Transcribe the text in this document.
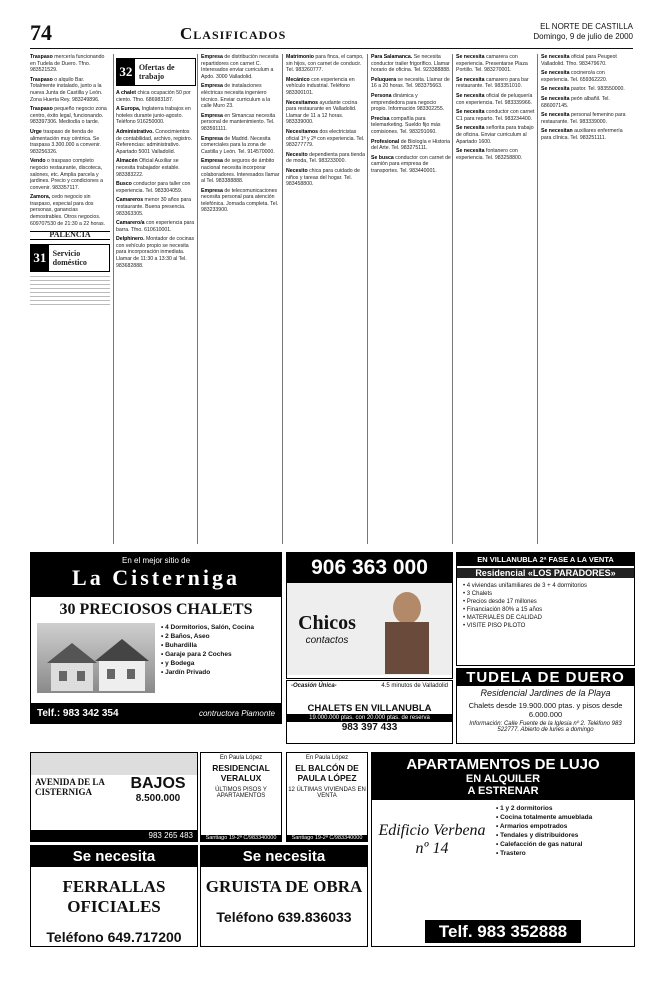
74	Clasificados	EL NORTE DE CASTILLA
Domingo, 9 de julio de 2000

Traspaso mercería funcionando en Tudela de Duero. Tfno. 983521529.

Traspaso o alquilo Bar. Totalmente instalado, junto a la nueva Junta de Castilla y León. Zona Huerta Rey. 983249896.

Traspaso pequeño negocio zona centro, éxito legal, funcionando. 983397306. Mediodía o tarde.

Urge traspaso de tienda de alimentación muy céntrica. Se traspasa 3.300.000 a convenir. 983256326.

Vendo o traspaso completo negocio restaurante, discoteca, salones, etc. Amplia parcela y jardines. Precio y condiciones a convenir. 983357117.

Zamora, cedo negocio sin traspaso, especial para dos personas, ganancias demostrables. Otros negocios. 609707530 de 21:30 a 22 horas.

PALENCIA
31 Servicio doméstico
32 Ofertas de trabajo

A chalet chica ocupación 50 por ciento. Tfno. 686983187.

A Europa, Inglaterra trabajos en hoteles durante junio-agosto. Teléfono 916250000.

Administrativo. Conocimientos de contabilidad, archivo, registro. Referencias: administrativo. Apartado 5001 Valladolid.

Almacén Oficial Auxiliar se necesita trabajador estable. 983383222.

Busco conductor para taller con experiencia. Tel. 983304059.

Camareros menor 30 años para restaurante. Buena presencia. 983363305.

Camarero/a con experiencia para barra. Tfno. 610610001.

Delphinero. Montador de cocinas con vehículo propio se necesita para incorporación inmediata. Llamar de 11:30 a 13:30 al Tel. 983682888.

Empresa de distribución necesita repartidores con carnet C. Interesados enviar curriculum a Apdo. 3000 Valladolid.

Empresa de instalaciones eléctricas necesita ingeniero técnico. Enviar curriculum a la calle Muro 23.

Empresa en Simancas necesita personal de mantenimiento. Tel. 983591111.

Empresa de Madrid. Necesita comerciales para la zona de Castilla y León. Tel. 914570000.

Empresa de seguros de ámbito nacional necesita incorporar colaboradores. Interesados llamar al Tel. 983388888.

Empresa de telecomunicaciones necesita personal para atención telefónica. Jornada completa. Tel. 983233900.

Matrimonio para finca, el campo, sin hijos, con carnet de conducir. Tel. 983260777.

Mecánico con experiencia en vehículo industrial. Teléfono 983300101.

Necesitamos ayudante cocina para restaurante en Valladolid. Llamar de 11 a 12 horas. 983339000.

Necesitamos dos electricistas oficial 1ª y 2ª con experiencia. Tel. 983277779.

Necesito dependienta para tienda de moda, Tel. 983233000.

Necesito chica para cuidado de niños y tareas del hogar. Tel. 983458800.

Para Salamanca. Se necesita conductor trailer frigorífico. Llamar horario de oficina. Tel. 923388888.

Peluquera se necesita. Llamar de 16 a 20 horas. Tel. 983375663.

Persona dinámica y emprendedora para negocio propio. Información 983302255.

Precisa compañía para telemarketing. Sueldo fijo más comisiones. Tel. 983291060.

Profesional de Biología e Historia del Arte. Tel. 983275111.

Se busca conductor con carnet de camión para empresa de transportes. Tel. 983440001.

Se necesita camarera con experiencia. Presentarse Plaza Portillo. Tel. 983270001.

Se necesita camarero para bar restaurante. Tel. 983351010.

Se necesita oficial de peluquería con experiencia. Tel. 983339966.

Se necesita conductor con carnet C1 para reparto. Tel. 983234400.

Se necesita señorita para trabajo de oficina. Enviar curriculum al Apartado 1600.

Se necesita fontanero con experiencia. Tel. 983258800.

Se necesita oficial para Peugeot Valladolid. Tfno. 983479670.

Se necesita cocinero/a con experiencia. Tel. 659362220.

Se necesita pastor. Tel. 983550000.

Se necesita peón albañil. Tel. 686007145.

Se necesita personal femenino para restaurante. Tel. 983339000.

Se necesitan auxiliares enfermería para clínica. Tel. 983251111.

En el mejor sitio de
La Cisterniga
30 PRECIOSOS CHALETS
• 4 Dormitorios, Salón, Cocina
• 2 Baños, Aseo
• Buhardilla
• Garaje para 2 Coches
• y Bodega
• Jardín Privado
Telf.: 983 342 354	contructora Piamonte
906 363 000
Chicos
contactos
-Ocasión Única-	4.5 minutos de Valladolid
CHALETS EN VILLANUBLA
19.000.000 ptas. con 20.000 ptas. de reserva
983 397 433
EN VILLANUBLA 2ª FASE A LA VENTA
Residencial «LOS PARADORES»
• 4 viviendas unifamiliares de 3 + 4 dormitorios
• 3 Chalets
• Precios desde 17 millones
• Financiación 80% a 15 años
• MATERIALES DE CALIDAD
• VISITE PISO PILOTO
TUDELA DE DUERO
Residencial Jardines de la Playa
Chalets desde 19.900.000 ptas. y pisos desde 6.000.000
Información: Calle Fuente de la Iglesia nº 2. Teléfono 983 522777. Abierto de lunes a domingo
AVENIDA DE LA CISTERNIGA	BAJOS
8.500.000
983 265 483
En Paula López
RESIDENCIAL VERALUX
ÚLTIMOS PISOS Y APARTAMENTOS
Santiago 19-2ª C/983340000
En Paula López
EL BALCÓN DE PAULA LÓPEZ
12 ÚLTIMAS VIVIENDAS EN VENTA
Santiago 19-2ª C/983340000
Se necesita
FERRALLAS OFICIALES
Teléfono 649.717200
Se necesita
GRUISTA DE OBRA
Teléfono 639.836033
APARTAMENTOS DE LUJO
EN ALQUILER
A ESTRENAR
Edificio Verbena nº 14
• 1 y 2 dormitorios
• Cocina totalmente amueblada
• Armarios empotrados
• Tendales y distribuidores
• Calefacción de gas natural
• Trastero
Telf. 983 352888
